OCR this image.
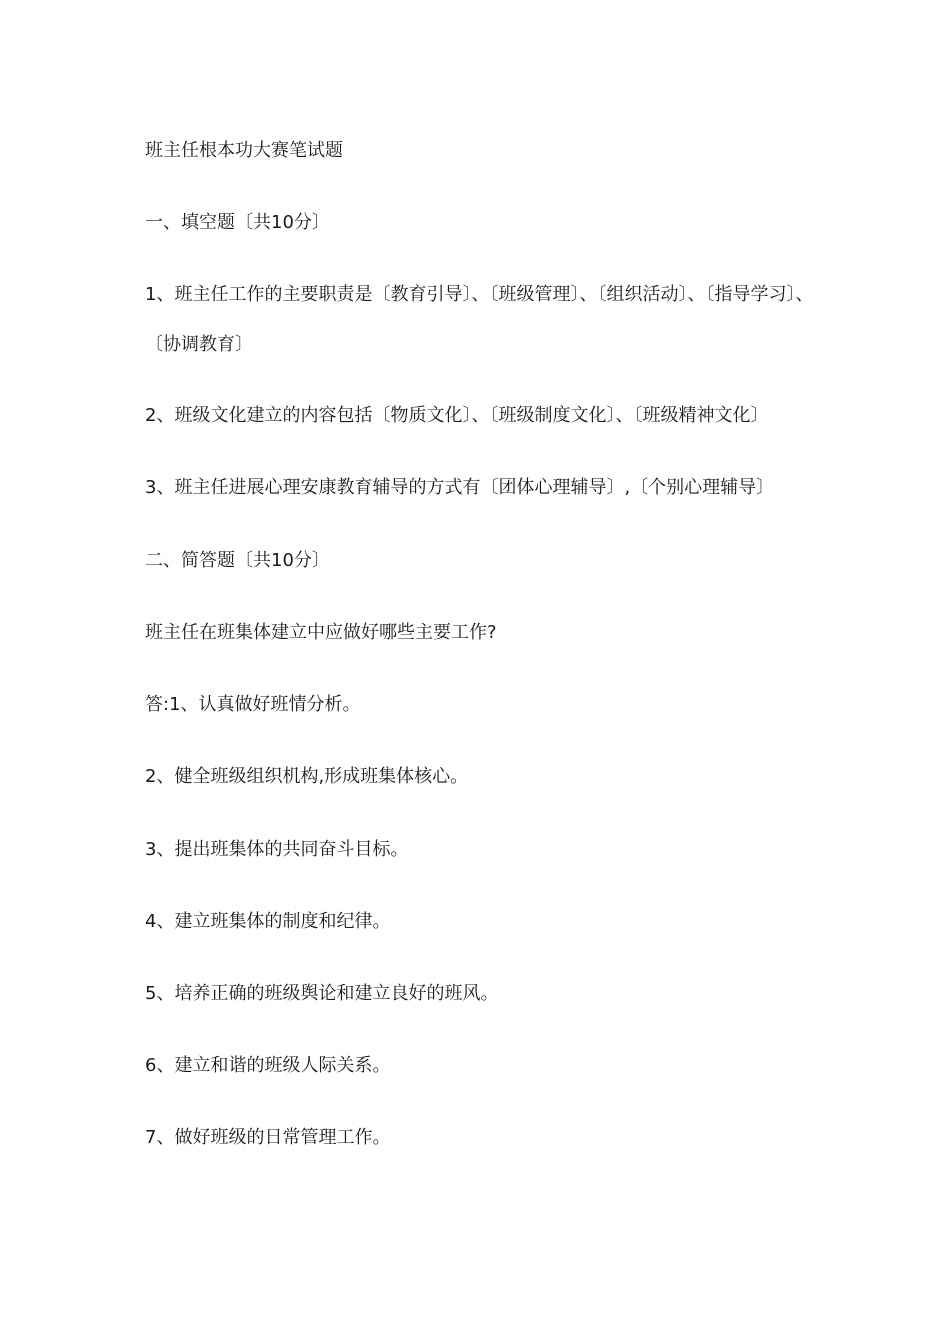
班主任根本功大赛笔试题
一、填空题〔共10分〕
1、班主任工作的主要职责是〔教育引导〕、〔班级管理〕、〔组织活动〕、〔指导学习〕、〔协调教育〕
2、班级文化建立的内容包括〔物质文化〕、〔班级制度文化〕、〔班级精神文化〕
3、班主任进展心理安康教育辅导的方式有〔团体心理辅导〕,〔个别心理辅导〕
二、简答题〔共10分〕
班主任在班集体建立中应做好哪些主要工作?
答:1、认真做好班情分析。
2、健全班级组织机构,形成班集体核心。
3、提出班集体的共同奋斗目标。
4、建立班集体的制度和纪律。
5、培养正确的班级舆论和建立良好的班风。
6、建立和谐的班级人际关系。
7、做好班级的日常管理工作。
